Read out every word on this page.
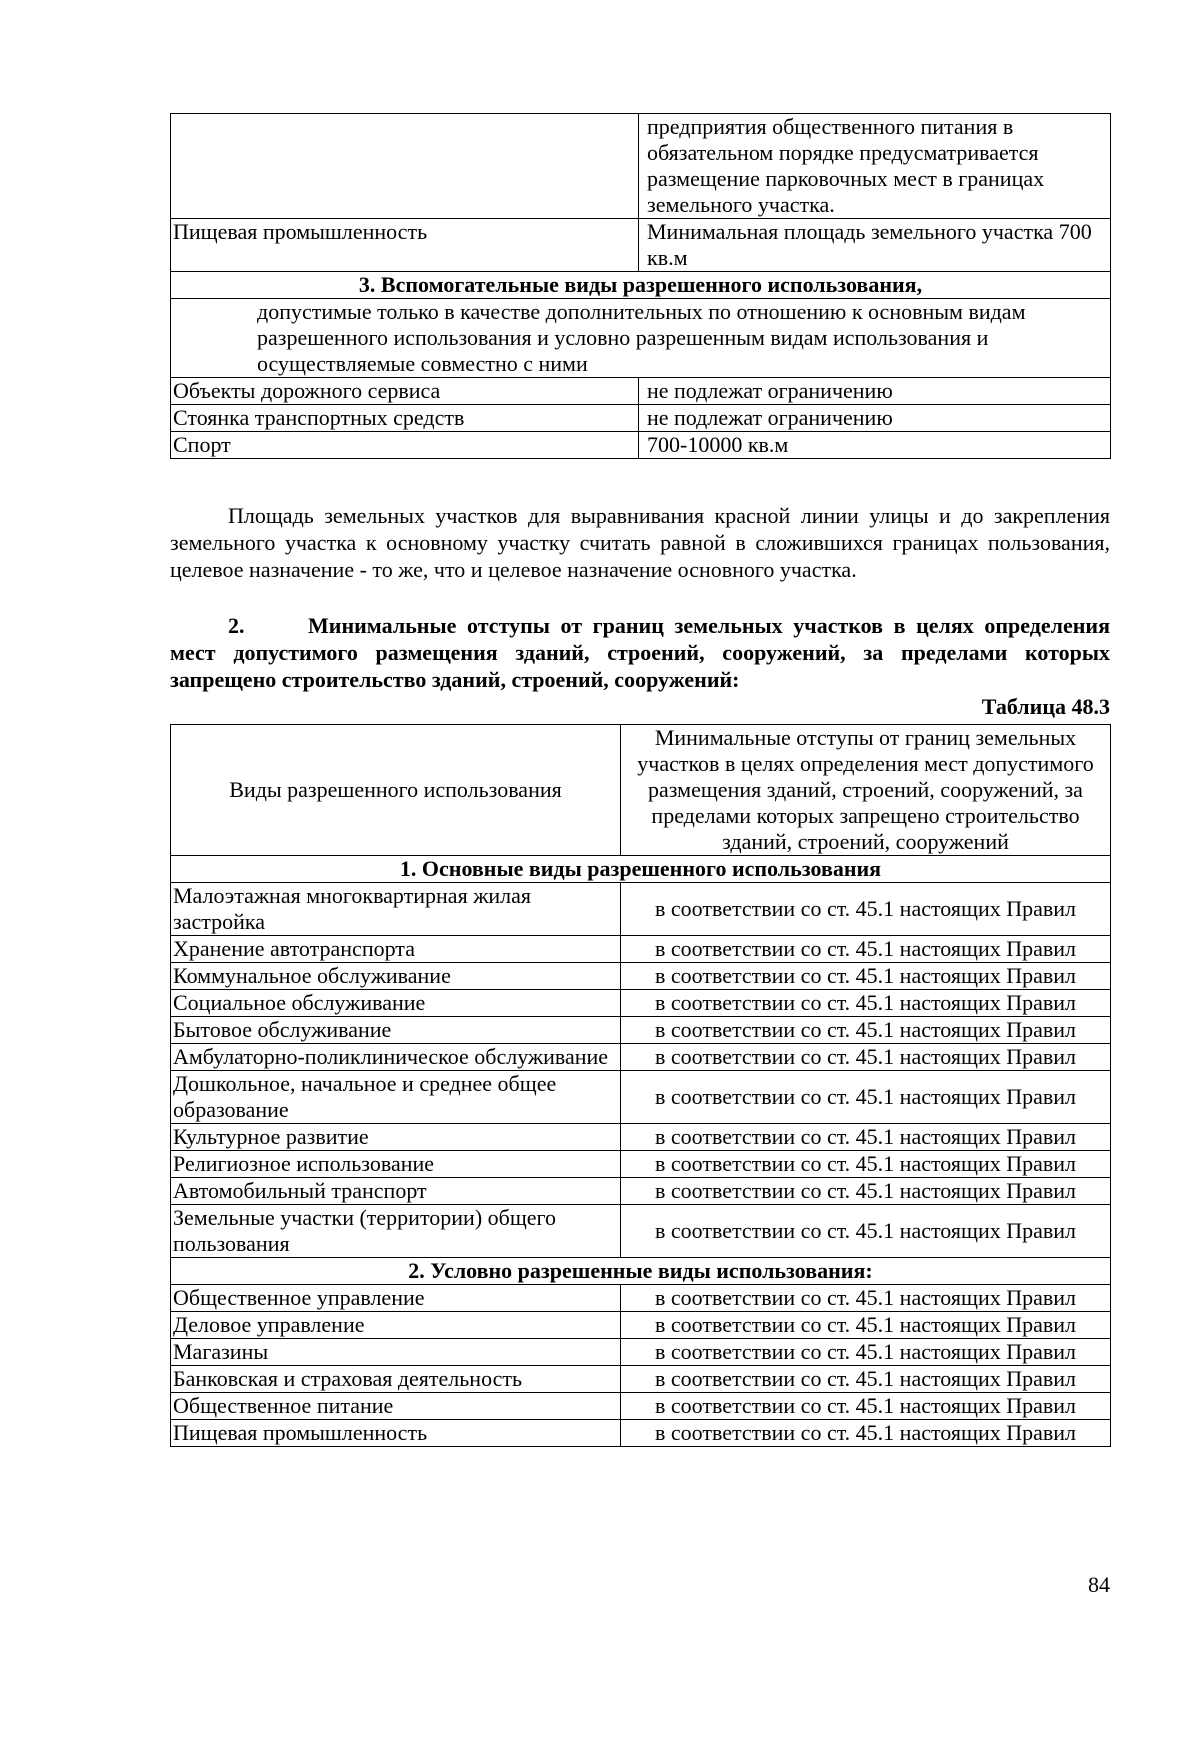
	предприятия общественного питания в обязательном порядке предусматривается размещение парковочных мест в границах земельного участка.
Пищевая промышленность	Минимальная площадь земельного участка 700 кв.м
3. Вспомогательные виды разрешенного использования,	
допустимые только в качестве дополнительных по отношению к основным видам разрешенного использования и условно разрешенным видам использования и осуществляемые совместно с ними	
Объекты дорожного сервиса	не подлежат ограничению
Стоянка транспортных средств	не подлежат ограничению
Спорт	700-10000 кв.м
Площадь земельных участков для выравнивания красной линии улицы и до закрепления земельного участка к основному участку считать равной в сложившихся границах пользования, целевое назначение - то же, что и целевое назначение основного участка.
2.	Минимальные отступы от границ земельных участков в целях определения мест допустимого размещения зданий, строений, сооружений, за пределами которых запрещено строительство зданий, строений, сооружений:
Таблица 48.3
Виды разрешенного использования	Минимальные отступы от границ земельных участков в целях определения мест допустимого размещения зданий, строений, сооружений, за пределами которых запрещено строительство зданий, строений, сооружений
1. Основные виды разрешенного использования	
Малоэтажная многоквартирная жилая застройка	в соответствии со ст. 45.1 настоящих Правил
Хранение автотранспорта	в соответствии со ст. 45.1 настоящих Правил
Коммунальное обслуживание	в соответствии со ст. 45.1 настоящих Правил
Социальное обслуживание	в соответствии со ст. 45.1 настоящих Правил
Бытовое обслуживание	в соответствии со ст. 45.1 настоящих Правил
Амбулаторно-поликлиническое обслуживание	в соответствии со ст. 45.1 настоящих Правил
Дошкольное, начальное и среднее общее образование	в соответствии со ст. 45.1 настоящих Правил
Культурное развитие	в соответствии со ст. 45.1 настоящих Правил
Религиозное использование	в соответствии со ст. 45.1 настоящих Правил
Автомобильный транспорт	в соответствии со ст. 45.1 настоящих Правил
Земельные участки (территории) общего пользования	в соответствии со ст. 45.1 настоящих Правил
2. Условно разрешенные виды использования:	
Общественное управление	в соответствии со ст. 45.1 настоящих Правил
Деловое управление	в соответствии со ст. 45.1 настоящих Правил
Магазины	в соответствии со ст. 45.1 настоящих Правил
Банковская и страховая деятельность	в соответствии со ст. 45.1 настоящих Правил
Общественное питание	в соответствии со ст. 45.1 настоящих Правил
Пищевая промышленность	в соответствии со ст. 45.1 настоящих Правил
84
